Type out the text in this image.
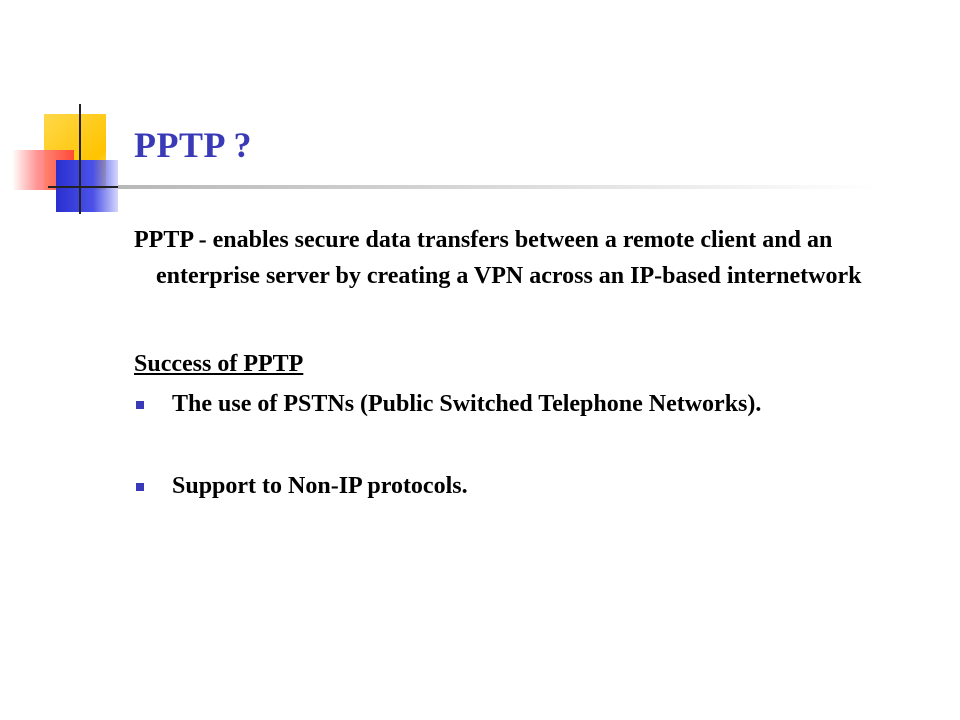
PPTP ?

PPTP - enables secure data transfers between a remote client and an enterprise server by creating a VPN across an IP-based internetwork

Success of PPTP
The use of PSTNs (Public Switched Telephone Networks).
Support to Non-IP protocols.
